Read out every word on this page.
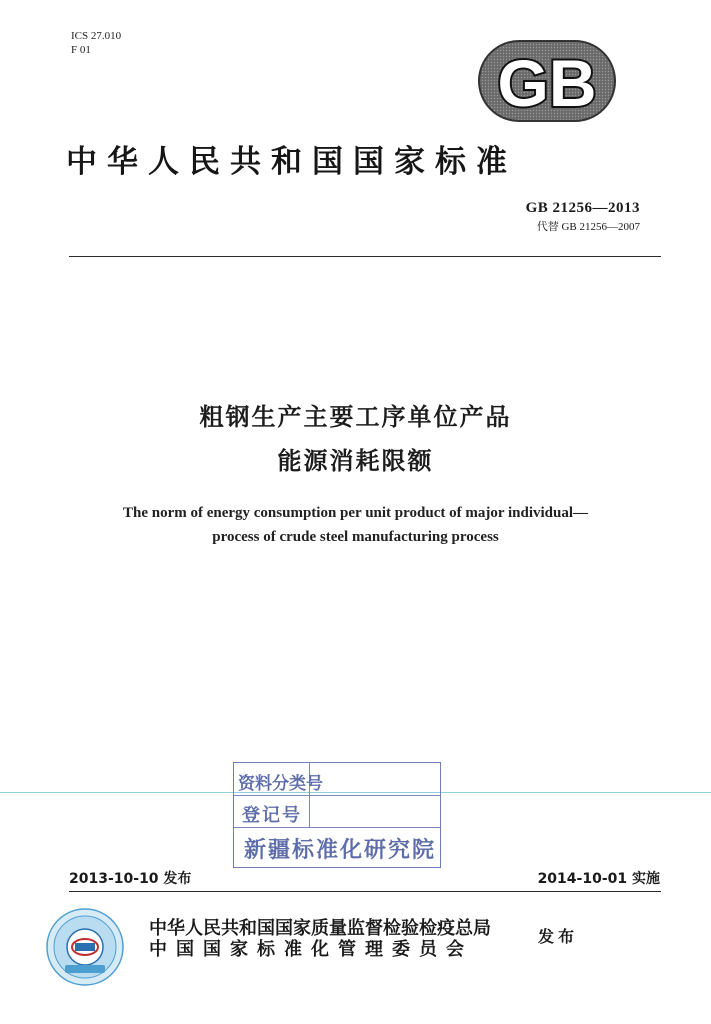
ICS 27.010
F 01	GB
中华人民共和国国家标准
GB 21256—2013
代替 GB 21256—2007
粗钢生产主要工序单位产品
能源消耗限额
The norm of energy consumption per unit product of major individual—
process of crude steel manufacturing process
资料分类号
登记号
新疆标准化研究院
2013-10-10 发布	2014-10-01 实施
中华人民共和国国家质量监督检验检疫总局
中国国家标准化管理委员会
发布
